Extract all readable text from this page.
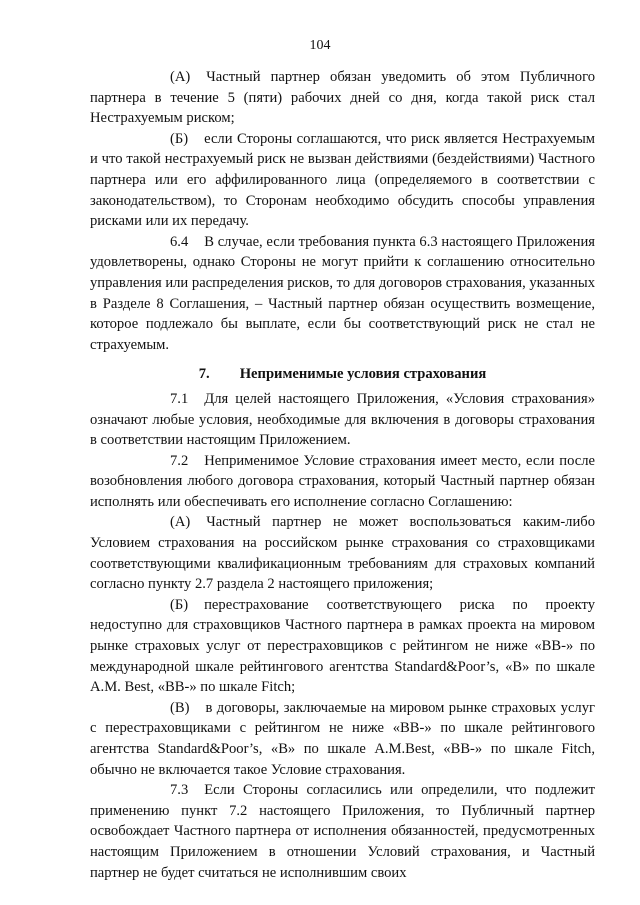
104

(А) Частный партнер обязан уведомить об этом Публичного партнера в течение 5 (пяти) рабочих дней со дня, когда такой риск стал Нестрахуемым риском;

(Б) если Стороны соглашаются, что риск является Нестрахуемым и что такой нестрахуемый риск не вызван действиями (бездействиями) Частного партнера или его аффилированного лица (определяемого в соответствии с законодательством), то Сторонам необходимо обсудить способы управления рисками или их передачу.

6.4 В случае, если требования пункта 6.3 настоящего Приложения удовлетворены, однако Стороны не могут прийти к соглашению относительно управления или распределения рисков, то для договоров страхования, указанных в Разделе 8 Соглашения, – Частный партнер обязан осуществить возмещение, которое подлежало бы выплате, если бы соответствующий риск не стал не страхуемым.

7. Неприменимые условия страхования

7.1 Для целей настоящего Приложения, «Условия страхования» означают любые условия, необходимые для включения в договоры страхования в соответствии настоящим Приложением.

7.2 Неприменимое Условие страхования имеет место, если после возобновления любого договора страхования, который Частный партнер обязан исполнять или обеспечивать его исполнение согласно Соглашению:

(А) Частный партнер не может воспользоваться каким-либо Условием страхования на российском рынке страхования со страховщиками соответствующими квалификационным требованиям для страховых компаний согласно пункту 2.7 раздела 2 настоящего приложения;

(Б) перестрахование соответствующего риска по проекту недоступно для страховщиков Частного партнера в рамках проекта на мировом рынке страховых услуг от перестраховщиков с рейтингом не ниже «ВВ-» по международной шкале рейтингового агентства Standard&Poor’s, «В» по шкале A.M. Best, «ВВ-» по шкале Fitch;

(В) в договоры, заключаемые на мировом рынке страховых услуг с перестраховщиками с рейтингом не ниже «ВВ-» по шкале рейтингового агентства Standard&Poor’s, «В» по шкале A.M.Best, «ВВ-» по шкале Fitch, обычно не включается такое Условие страхования.

7.3 Если Стороны согласились или определили, что подлежит применению пункт 7.2 настоящего Приложения, то Публичный партнер освобождает Частного партнера от исполнения обязанностей, предусмотренных настоящим Приложением в отношении Условий страхования, и Частный партнер не будет считаться не исполнившим своих
